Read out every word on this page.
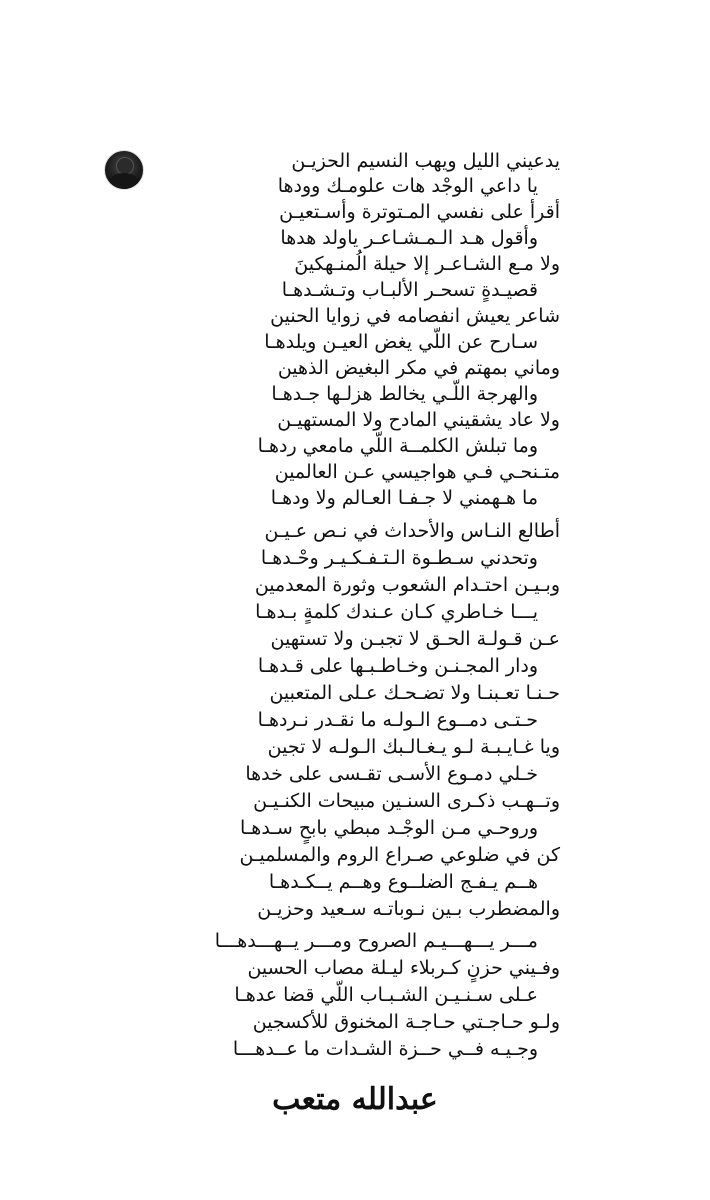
يدعيني الليل ويهب النسيم الحزيـن
يا داعي الوجْد هات علومـك وودها
أقرأ على نفسي المـتوترة وأسـتعيـن
وأقول هـد الـمـشـاعـر ياولد هدها
ولا مـع الشـاعـر إلا حيلة الُمنـهكينَ
قصيـدةٍ تسحـر الألبـاب وتـشـدهـا
شاعر يعيش انفصامه في زوايا الحنين
سـارح عن اللّي يغض العيـن ويلدهـا
وماني بمهتم في مكر البغيض الذهين
والهرجة اللّـي يخالط هزلـها جـدهـا
ولا عاد يشقيني المادح ولا المستهيـن
وما تبلش الكلمــة اللّي مامعي ردهـا
متـنحـي فـي هواجيسي عـن العالمين
ما هـهمني لا جـفـا العـالم ولا ودهـا
أطالع النـاس والأحداث في نـص عـيـن
وتحدني سـطـوة الـتـفـكـيـر وحْـدهـا
وبـيـن احتـدام الشعوب وثورة المعدمين
يـــا خـاطري كـان عـندك كلمةٍ بـدهـا
عـن قـولـة الحـق لا تجبـن ولا تستهين
ودار المجـنـن وخـاطـبـها على قـدهـا
حـنـا تعـبنـا ولا تضـحـك عـلى المتعبين
حـتـى دمــوع الـولـه ما نقـدر نـردهـا
ويا غـايـبـة لـو يـغـالـبك الـولـه لا تجين
خـلي دمـوع الأسـى تقـسى على خدها
وتــهـب ذكـرى السنـين مبيحات الكنـيـن
وروحـي مـن الوجْـد مبطي بابحٍ سـدهـا
كن في ضلوعي صـراع الروم والمسلميـن
هــم يـفـج الضلــوع وهــم يــكـدهـا
والمضطرب بـين نـوباتـه سـعيد وحزيـن
مـــر يـــهـــيـم الصروح ومـــر يــهـــدهـــا
وفـيني حزنٍ كـربلاء ليـلة مصاب الحسين
عـلى سـنـيـن الشـبـاب اللّي قضا عدهـا
ولـو حـاجـتي حـاجـة المخنوق للأكسجين
وجـيـه فــي حــزة الشـدات ما عــدهـــا
عبدالله متعب
